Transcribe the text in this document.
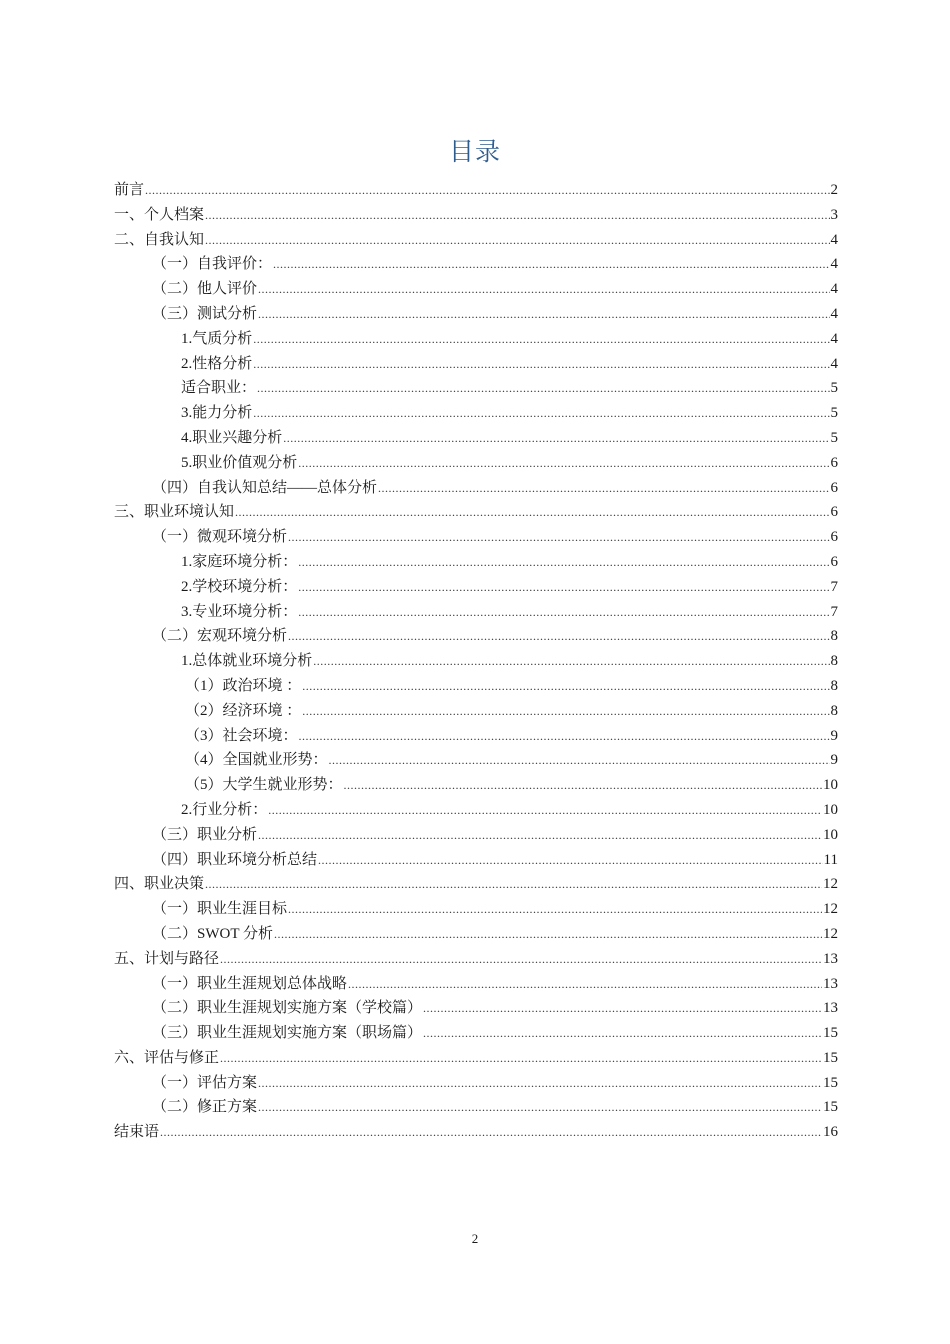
目录
前言 .....	2
一、个人档案 .....	3
二、自我认知 .....	4
（一）自我评价： .....	4
（二）他人评价 .....	4
（三）测试分析 .....	4
1.气质分析 .....	4
2.性格分析 .....	4
适合职业： .....	5
3.能力分析 .....	5
4.职业兴趣分析 .....	5
5.职业价值观分析 .....	6
（四）自我认知总结——总体分析 .....	6
三、职业环境认知 .....	6
（一）微观环境分析 .....	6
1.家庭环境分析： .....	6
2.学校环境分析： .....	7
3.专业环境分析： .....	7
（二）宏观环境分析 .....	8
1.总体就业环境分析 .....	8
（1）政治环境 ： .....	8
（2）经济环境 ： .....	8
（3）社会环境： .....	9
（4）全国就业形势： .....	9
（5）大学生就业形势： .....	10
2.行业分析： .....	10
（三）职业分析 .....	10
（四）职业环境分析总结 .....	11
四、职业决策 .....	12
（一）职业生涯目标 .....	12
（二）SWOT 分析 .....	12
五、计划与路径 .....	13
（一）职业生涯规划总体战略 .....	13
（二）职业生涯规划实施方案（学校篇） .....	13
（三）职业生涯规划实施方案（职场篇） .....	15
六、评估与修正 .....	15
（一）评估方案 .....	15
（二）修正方案 .....	15
结束语 .....	16
2
